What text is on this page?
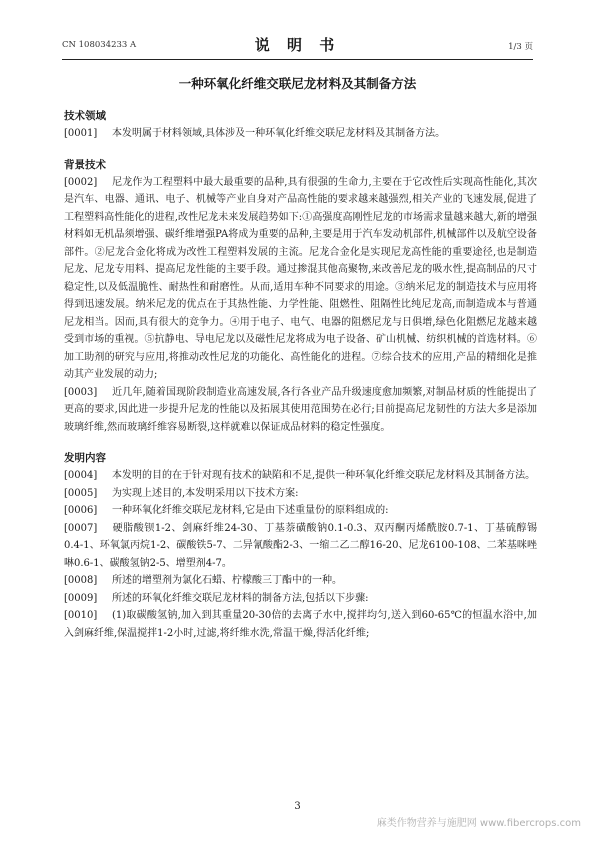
CN 108034233 A	说 明 书	1/3 页
一种环氧化纤维交联尼龙材料及其制备方法

技术领域

[0001] 本发明属于材料领域,具体涉及一种环氧化纤维交联尼龙材料及其制备方法。

背景技术

[0002] 尼龙作为工程塑料中最大最重要的品种,具有很强的生命力,主要在于它改性后实现高性能化,其次是汽车、电器、通讯、电子、机械等产业自身对产品高性能的要求越来越强烈,相关产业的飞速发展,促进了工程塑料高性能化的进程,改性尼龙未来发展趋势如下:①高强度高刚性尼龙的市场需求量越来越大,新的增强材料如无机晶须增强、碳纤维增强PA将成为重要的品种,主要是用于汽车发动机部件,机械部件以及航空设备部件。②尼龙合金化将成为改性工程塑料发展的主流。尼龙合金化是实现尼龙高性能的重要途径,也是制造尼龙、尼龙专用料、提高尼龙性能的主要手段。通过掺混其他高聚物,来改善尼龙的吸水性,提高制品的尺寸稳定性,以及低温脆性、耐热性和耐磨性。从而,适用车种不同要求的用途。③纳米尼龙的制造技术与应用将得到迅速发展。纳米尼龙的优点在于其热性能、力学性能、阻燃性、阻隔性比纯尼龙高,而制造成本与普通尼龙相当。因而,具有很大的竞争力。④用于电子、电气、电器的阻燃尼龙与日俱增,绿色化阻燃尼龙越来越受到市场的重视。⑤抗静电、导电尼龙以及磁性尼龙将成为电子设备、矿山机械、纺织机械的首选材料。⑥加工助剂的研究与应用,将推动改性尼龙的功能化、高性能化的进程。⑦综合技术的应用,产品的精细化是推动其产业发展的动力;

[0003] 近几年,随着国现阶段制造业高速发展,各行各业产品升级速度愈加频繁,对制品材质的性能提出了更高的要求,因此进一步提升尼龙的性能以及拓展其使用范围势在必行;目前提高尼龙韧性的方法大多是添加玻璃纤维,然而玻璃纤维容易断裂,这样就难以保证成品材料的稳定性强度。

发明内容

[0004] 本发明的目的在于针对现有技术的缺陷和不足,提供一种环氧化纤维交联尼龙材料及其制备方法。

[0005] 为实现上述目的,本发明采用以下技术方案:

[0006] 一种环氧化纤维交联尼龙材料,它是由下述重量份的原料组成的:

[0007] 硬脂酸钡1-2、剑麻纤维24-30、丁基萘磺酸钠0.1-0.3、双丙酮丙烯酰胺0.7-1、丁基硫醇锡0.4-1、环氧氯丙烷1-2、碳酸铁5-7、二异氰酸酯2-3、一缩二乙二醇16-20、尼龙6100-108、二苯基咪唑啉0.6-1、碳酸氢钠2-5、增塑剂4-7。

[0008] 所述的增塑剂为氯化石蜡、柠檬酸三丁酯中的一种。

[0009] 所述的环氧化纤维交联尼龙材料的制备方法,包括以下步骤:

[0010] (1)取碳酸氢钠,加入到其重量20-30倍的去离子水中,搅拌均匀,送入到60-65℃的恒温水浴中,加入剑麻纤维,保温搅拌1-2小时,过滤,将纤维水洗,常温干燥,得活化纤维;

3
麻类作物营养与施肥网 www.fibercrops.com
